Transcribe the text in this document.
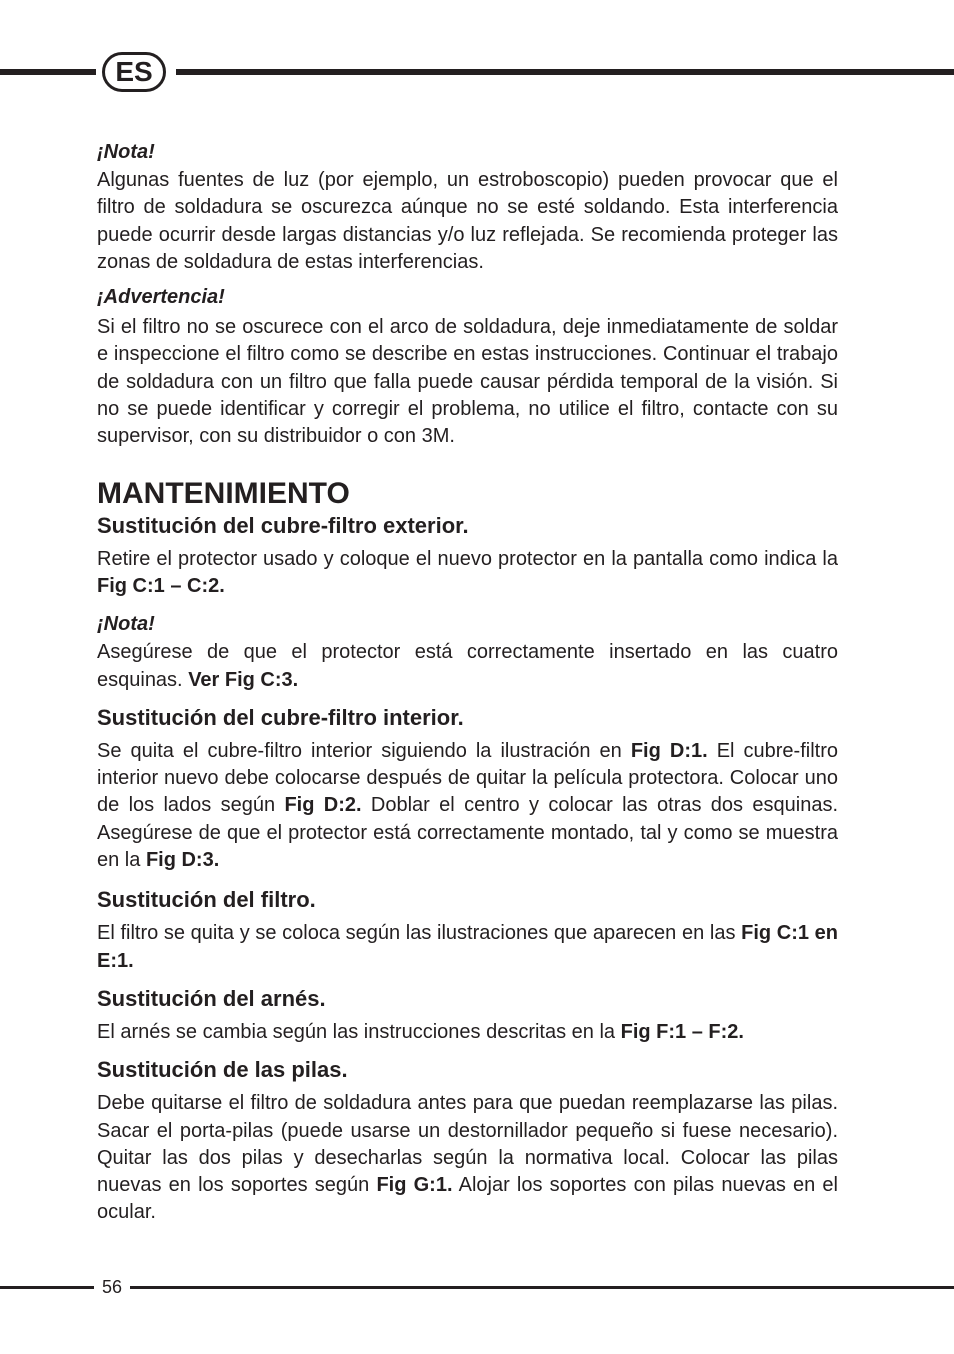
ES

¡Nota!

Algunas fuentes de luz (por ejemplo, un estroboscopio) pueden provocar que el filtro de soldadura se oscurezca aúnque no se esté soldando. Esta interferencia puede ocurrir desde largas distancias y/o luz reflejada. Se recomienda proteger las zonas de soldadura de estas interferencias.

¡Advertencia!

Si el filtro no se oscurece con el arco de soldadura, deje inmediatamente de soldar e inspeccione el filtro como se describe en estas instrucciones. Continuar el trabajo de soldadura con un filtro que falla puede causar pérdida temporal de la visión. Si no se puede identificar y corregir el problema, no utilice el filtro, contacte con su supervisor, con su distribuidor o con 3M.

MANTENIMIENTO
Sustitución del cubre-filtro exterior.

Retire el protector usado y coloque el nuevo protector en la pantalla como indica la Fig C:1 – C:2.

¡Nota!

Asegúrese de que el protector está correctamente insertado en las cuatro esquinas. Ver Fig C:3.

Sustitución del cubre-filtro interior.

Se quita el cubre-filtro interior siguiendo la ilustración en Fig D:1. El cubre-filtro interior nuevo debe colocarse después de quitar la película protectora. Colocar uno de los lados según Fig D:2. Doblar el centro y colocar las otras dos esquinas. Asegúrese de que el protector está correctamente montado, tal y como se muestra en la Fig D:3.

Sustitución del filtro.

El filtro se quita y se coloca según las ilustraciones que aparecen en las Fig C:1 en E:1.

Sustitución del arnés.

El arnés se cambia según las instrucciones descritas en la Fig F:1 – F:2.

Sustitución de las pilas.

Debe quitarse el filtro de soldadura antes para que puedan reemplazarse las pilas. Sacar el porta-pilas (puede usarse un destornillador pequeño si fuese necesario). Quitar las dos pilas y desecharlas según la normativa local. Colocar las pilas nuevas en los soportes según Fig G:1. Alojar los soportes con pilas nuevas en el ocular.

56
